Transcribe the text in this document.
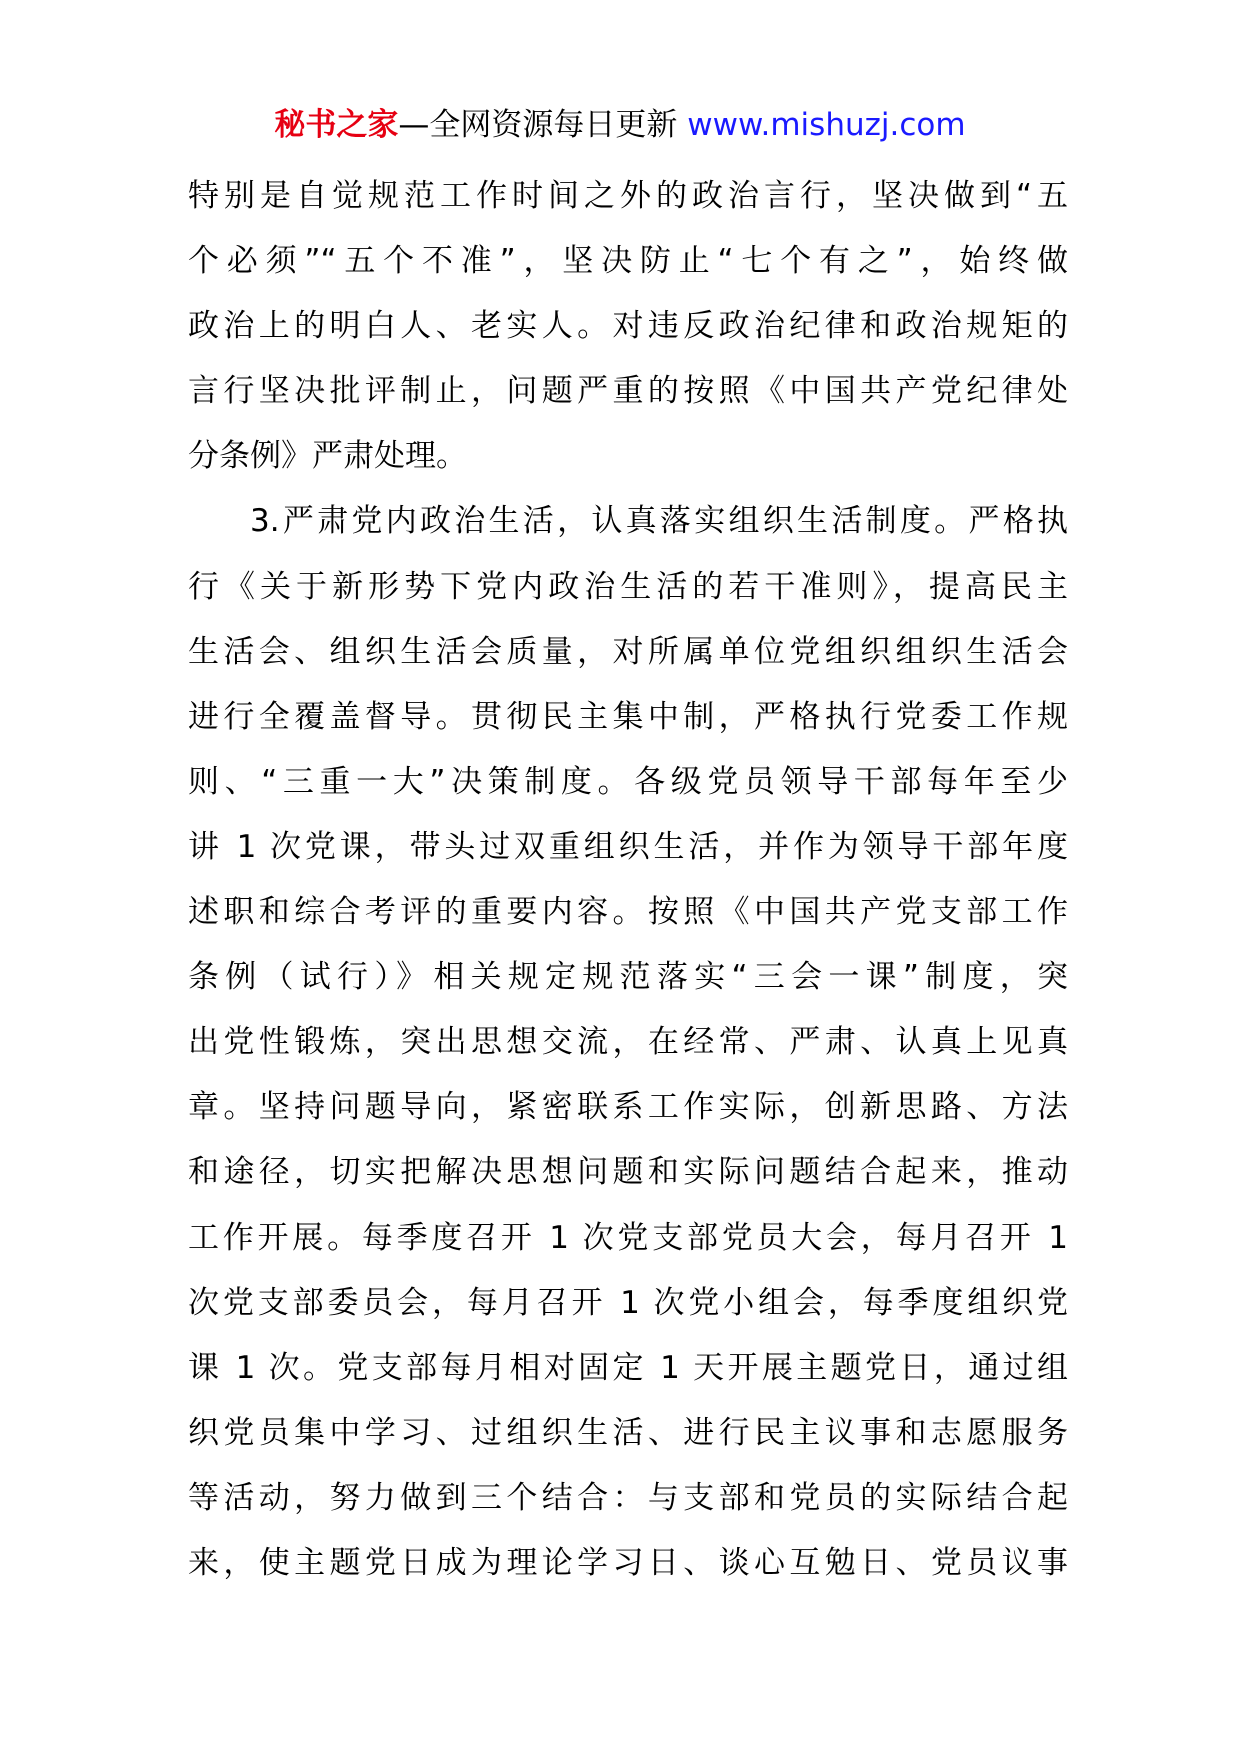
秘书之家—全网资源每日更新 www.mishuzj.com
特别是自觉规范工作时间之外的政治言行，坚决做到“五
个必须”“五个不准”，坚决防止“七个有之”，始终做
政治上的明白人、老实人。对违反政治纪律和政治规矩的
言行坚决批评制止，问题严重的按照《中国共产党纪律处
分条例》严肃处理。
3.严肃党内政治生活，认真落实组织生活制度。严格执
行《关于新形势下党内政治生活的若干准则》，提高民主
生活会、组织生活会质量，对所属单位党组织组织生活会
进行全覆盖督导。贯彻民主集中制，严格执行党委工作规
则、“三重一大”决策制度。各级党员领导干部每年至少
讲 1 次党课，带头过双重组织生活，并作为领导干部年度
述职和综合考评的重要内容。按照《中国共产党支部工作
条例（试行）》相关规定规范落实“三会一课”制度，突
出党性锻炼，突出思想交流，在经常、严肃、认真上见真
章。坚持问题导向，紧密联系工作实际，创新思路、方法
和途径，切实把解决思想问题和实际问题结合起来，推动
工作开展。每季度召开 1 次党支部党员大会，每月召开 1
次党支部委员会，每月召开 1 次党小组会，每季度组织党
课 1 次。党支部每月相对固定 1 天开展主题党日，通过组
织党员集中学习、过组织生活、进行民主议事和志愿服务
等活动，努力做到三个结合：与支部和党员的实际结合起
来，使主题党日成为理论学习日、谈心互勉日、党员议事
